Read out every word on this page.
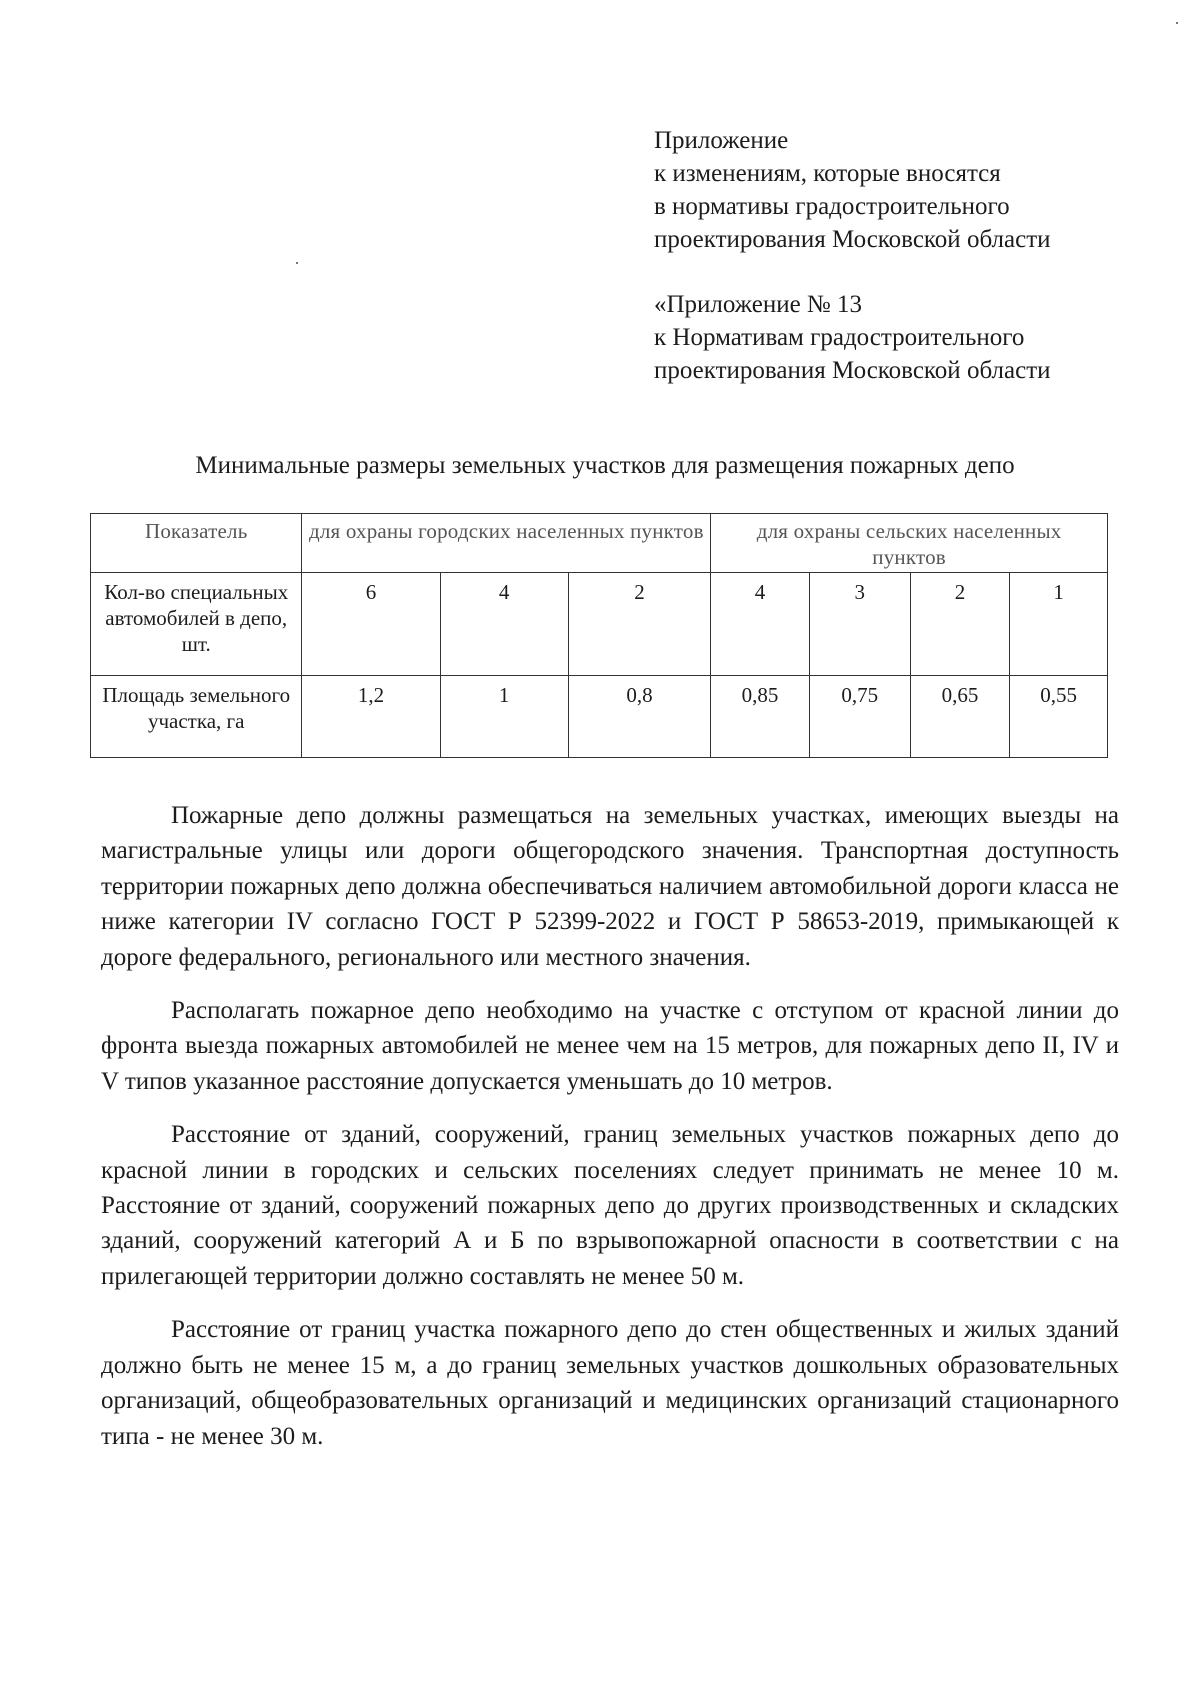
Приложение
к изменениям, которые вносятся
в нормативы градостроительного
проектирования Московской области
«Приложение № 13
к Нормативам градостроительного
проектирования Московской области
Минимальные размеры земельных участков для размещения пожарных депо
Показатель	для охраны городских населенных пунктов			для охраны сельских населенных пунктов			
Кол-во специальных автомобилей в депо, шт.	6	4	2	4	3	2	1
Площадь земельного участка, га	1,2	1	0,8	0,85	0,75	0,65	0,55

Пожарные депо должны размещаться на земельных участках, имеющих выезды на магистральные улицы или дороги общегородского значения. Транспортная доступность территории пожарных депо должна обеспечиваться наличием автомобильной дороги класса не ниже категории IV согласно ГОСТ Р 52399-2022 и ГОСТ Р 58653-2019, примыкающей к дороге федерального, регионального или местного значения.

Располагать пожарное депо необходимо на участке с отступом от красной линии до фронта выезда пожарных автомобилей не менее чем на 15 метров, для пожарных депо II, IV и V типов указанное расстояние допускается уменьшать до 10 метров.

Расстояние от зданий, сооружений, границ земельных участков пожарных депо до красной линии в городских и сельских поселениях следует принимать не менее 10 м. Расстояние от зданий, сооружений пожарных депо до других производственных и складских зданий, сооружений категорий А и Б по взрывопожарной опасности в соответствии с на прилегающей территории должно составлять не менее 50 м.

Расстояние от границ участка пожарного депо до стен общественных и жилых зданий должно быть не менее 15 м, а до границ земельных участков дошкольных образовательных организаций, общеобразовательных организаций и медицинских организаций стационарного типа - не менее 30 м.
